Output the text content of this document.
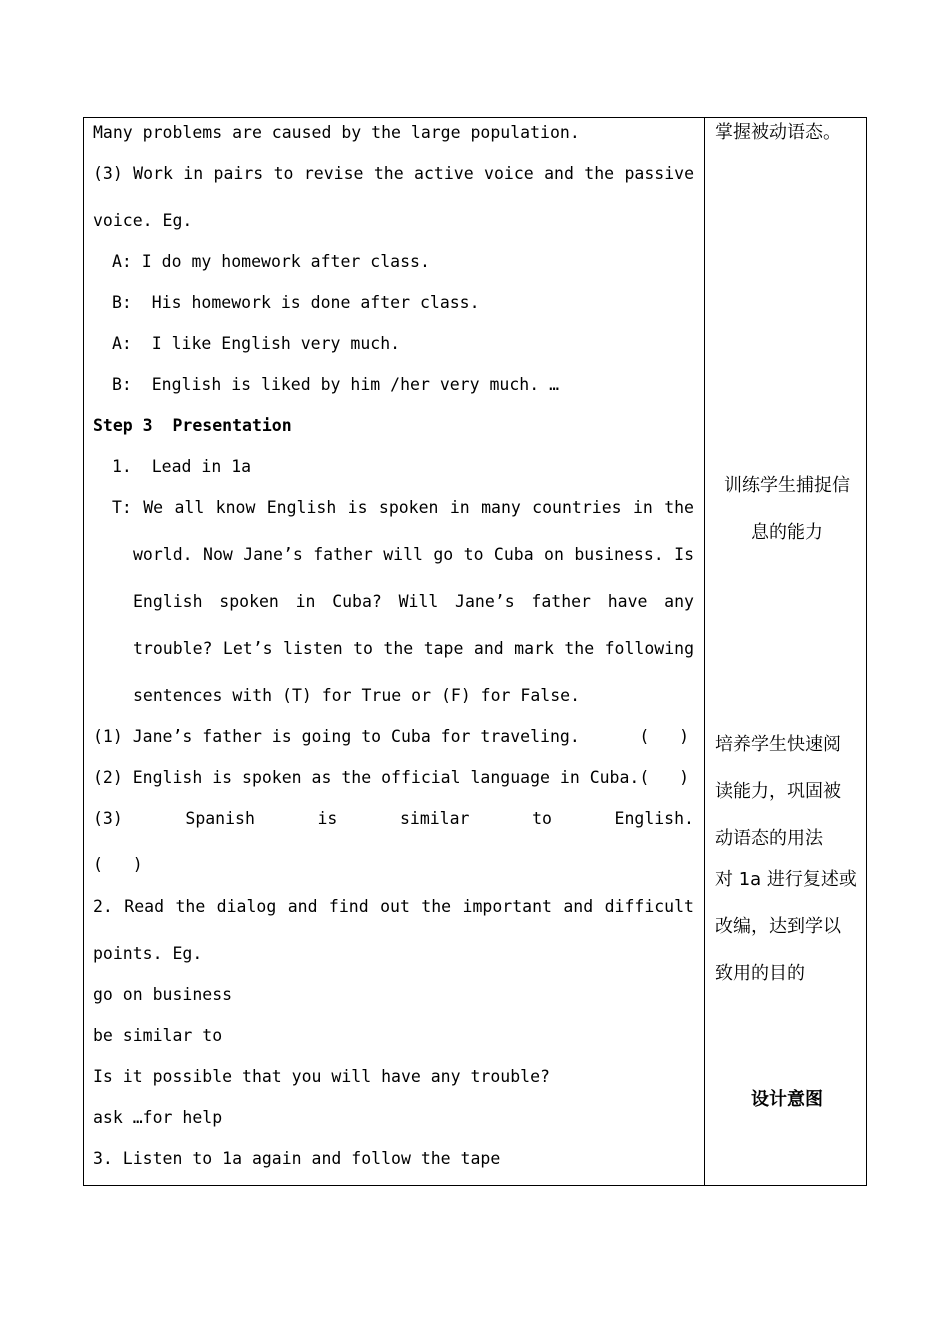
Many problems are caused by the large population.
(3) Work in pairs to revise the active voice and the passive
voice. Eg.
A: I do my homework after class.
B:  His homework is done after class.
A:  I like English very much.
B:  English is liked by him /her very much. …
Step 3  Presentation
1.  Lead in 1a
T: We all know English is spoken in many countries in the
world. Now Jane’s father will go to Cuba on business. Is
English spoken in Cuba? Will Jane’s father have any
trouble? Let’s listen to the tape and mark the following
sentences with (T) for True or (F) for False.
(1) Jane’s father is going to Cuba for traveling.      (   )
(2) English is spoken as the official language in Cuba.(   )
(3) Spanish is similar to English.
(   )
2. Read the dialog and find out the important and difficult
points. Eg.
go on business
be similar to
Is it possible that you will have any trouble?
ask …for help
3. Listen to 1a again and follow the tape
掌握被动语态。
训练学生捕捉信
息的能力
培养学生快速阅
读能力，巩固被
动语态的用法
对 1a 进行复述或
改编，达到学以
致用的目的
设计意图
